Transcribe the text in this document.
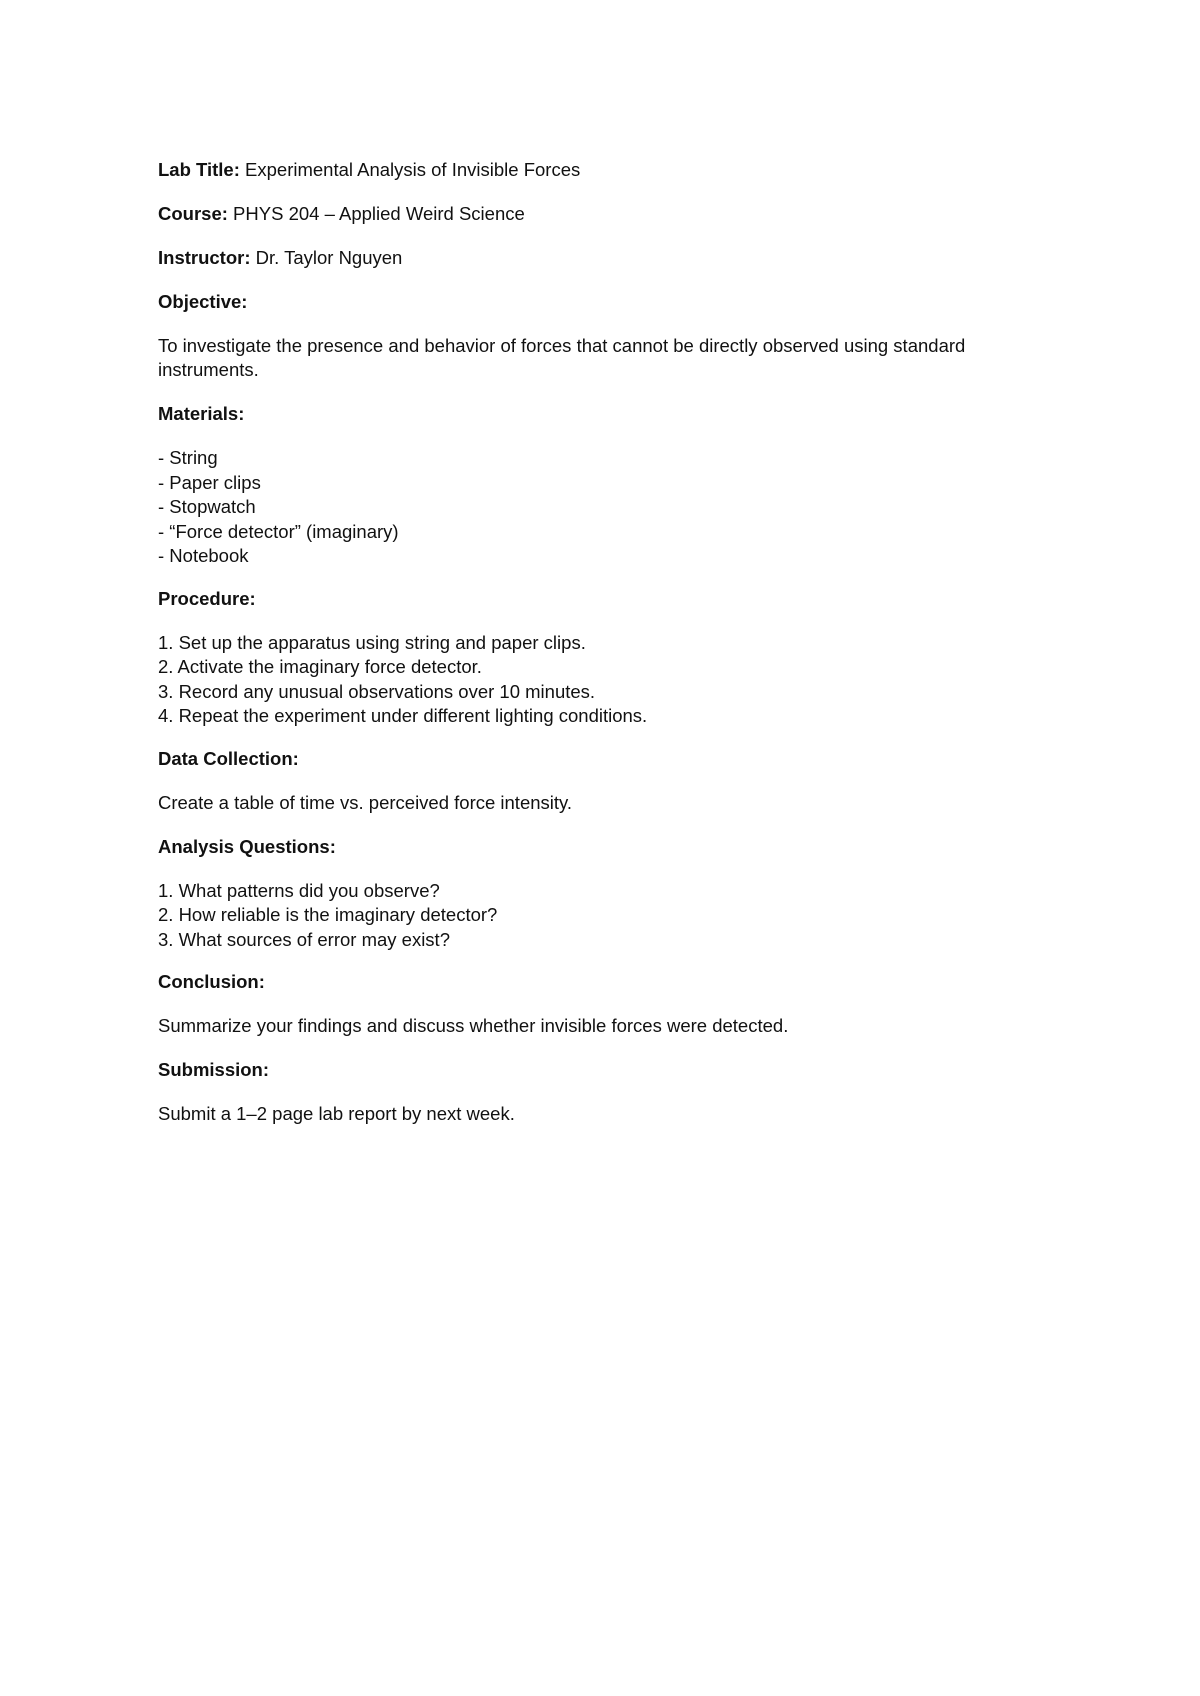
Lab Title: Experimental Analysis of Invisible Forces

Course: PHYS 204 – Applied Weird Science

Instructor: Dr. Taylor Nguyen

Objective:

To investigate the presence and behavior of forces that cannot be directly observed using standard instruments.

Materials:

- String
- Paper clips
- Stopwatch
- “Force detector” (imaginary)
- Notebook

Procedure:

1. Set up the apparatus using string and paper clips.
2. Activate the imaginary force detector.
3. Record any unusual observations over 10 minutes.
4. Repeat the experiment under different lighting conditions.

Data Collection:

Create a table of time vs. perceived force intensity.

Analysis Questions:

1. What patterns did you observe?
2. How reliable is the imaginary detector?
3. What sources of error may exist?

Conclusion:

Summarize your findings and discuss whether invisible forces were detected.

Submission:

Submit a 1–2 page lab report by next week.
